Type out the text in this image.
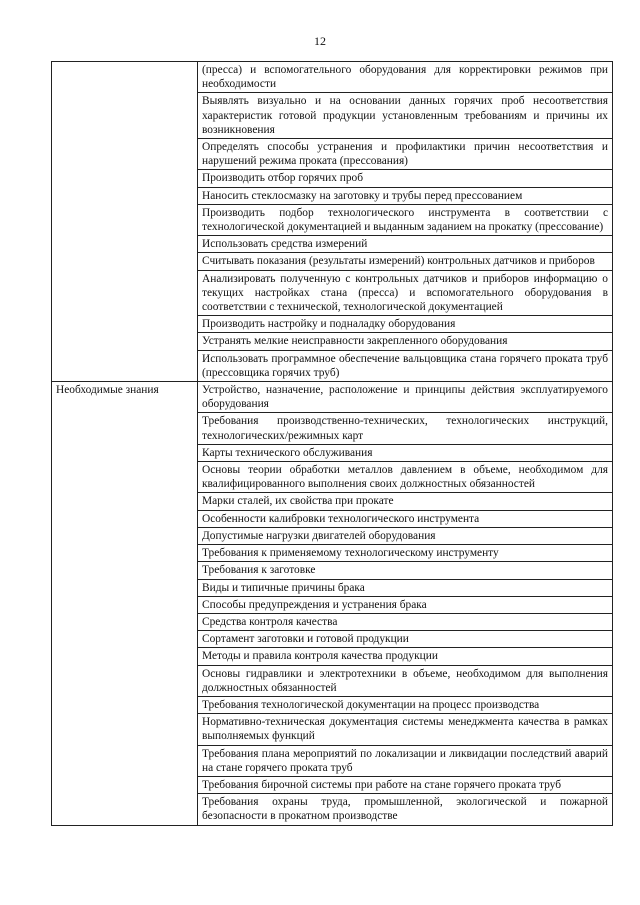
12
	(пресса) и вспомогательного оборудования для корректировки режимов при необходимости
	Выявлять визуально и на основании данных горячих проб несоответствия характеристик готовой продукции установленным требованиям и причины их возникновения
	Определять способы устранения и профилактики причин несоответствия и нарушений режима проката (прессования)
	Производить отбор горячих проб
	Наносить стеклосмазку на заготовку и трубы перед прессованием
	Производить подбор технологического инструмента в соответствии с технологической документацией и выданным заданием на прокатку (прессование)
	Использовать средства измерений
	Считывать показания (результаты измерений) контрольных датчиков и приборов
	Анализировать полученную с контрольных датчиков и приборов информацию о текущих настройках стана (пресса) и вспомогательного оборудования в соответствии с технической, технологической документацией
	Производить настройку и подналадку оборудования
	Устранять мелкие неисправности закрепленного оборудования
	Использовать программное обеспечение вальцовщика стана горячего проката труб (прессовщика горячих труб)
Необходимые знания	Устройство, назначение, расположение и принципы действия эксплуатируемого оборудования
	Требования производственно-технических, технологических инструкций, технологических/режимных карт
	Карты технического обслуживания
	Основы теории обработки металлов давлением в объеме, необходимом для квалифицированного выполнения своих должностных обязанностей
	Марки сталей, их свойства при прокате
	Особенности калибровки технологического инструмента
	Допустимые нагрузки двигателей оборудования
	Требования к применяемому технологическому инструменту
	Требования к заготовке
	Виды и типичные причины брака
	Способы предупреждения и устранения брака
	Средства контроля качества
	Сортамент заготовки и готовой продукции
	Методы и правила контроля качества продукции
	Основы гидравлики и электротехники в объеме, необходимом для выполнения должностных обязанностей
	Требования технологической документации на процесс производства
	Нормативно-техническая документация системы менеджмента качества в рамках выполняемых функций
	Требования плана мероприятий по локализации и ликвидации последствий аварий на стане горячего проката труб
	Требования бирочной системы при работе на стане горячего проката труб
	Требования охраны труда, промышленной, экологической и пожарной безопасности в прокатном производстве
